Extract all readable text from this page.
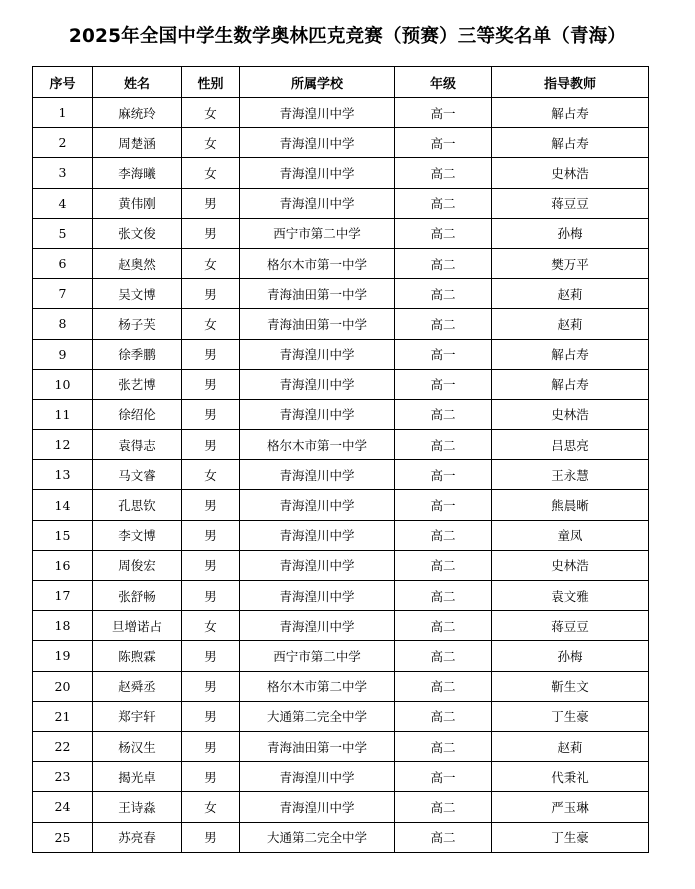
2025年全国中学生数学奥林匹克竞赛（预赛）三等奖名单（青海）
序号	姓名	性别	所属学校	年级	指导教师
1	麻统玲	女	青海湟川中学	高一	解占寿
2	周楚涵	女	青海湟川中学	高一	解占寿
3	李海曦	女	青海湟川中学	高二	史林浩
4	黄伟刚	男	青海湟川中学	高二	蒋豆豆
5	张文俊	男	西宁市第二中学	高二	孙梅
6	赵奥然	女	格尔木市第一中学	高二	樊万平
7	吴文博	男	青海油田第一中学	高二	赵莉
8	杨子芙	女	青海油田第一中学	高二	赵莉
9	徐季鹏	男	青海湟川中学	高一	解占寿
10	张艺博	男	青海湟川中学	高一	解占寿
11	徐绍伦	男	青海湟川中学	高二	史林浩
12	袁得志	男	格尔木市第一中学	高二	吕思亮
13	马文睿	女	青海湟川中学	高一	王永慧
14	孔思钦	男	青海湟川中学	高一	熊晨晰
15	李文博	男	青海湟川中学	高二	童凤
16	周俊宏	男	青海湟川中学	高二	史林浩
17	张舒畅	男	青海湟川中学	高二	袁文雅
18	旦增诺占	女	青海湟川中学	高二	蒋豆豆
19	陈煦霖	男	西宁市第二中学	高二	孙梅
20	赵舜丞	男	格尔木市第二中学	高二	靳生文
21	郑宇轩	男	大通第二完全中学	高二	丁生豪
22	杨汉生	男	青海油田第一中学	高二	赵莉
23	揭光卓	男	青海湟川中学	高一	代秉礼
24	王诗淼	女	青海湟川中学	高二	严玉琳
25	苏亮春	男	大通第二完全中学	高二	丁生豪
